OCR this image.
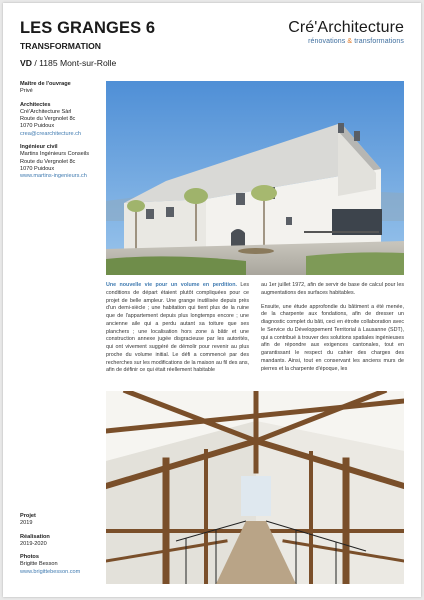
LES GRANGES 6
TRANSFORMATION
VD / 1185 Mont-sur-Rolle
Cré'Architecture
rénovations & transformations
Maître de l'ouvrage
Privé
Architectes
Cré'Architecture Sàrl
Route du Vergnolet 8c
1070 Puidoux
crea@crearchitecture.ch
Ingénieur civil
Martins Ingénieurs Conseils
Route du Vergnolet 8c
1070 Puidoux
www.martins-ingenieurs.ch
Projet
2019
Réalisation
2019-2020
Photos
Brigitte Besson
www.brigittebesson.com

Une nouvelle vie pour un volume en perdition. Les conditions de départ étaient plutôt compliquées pour ce projet de belle ampleur. Une grange inutilisée depuis près d'un demi-siècle ; une habitation qui tient plus de la ruine que de l'appartement depuis plus longtemps encore ; une ancienne aile qui a perdu autant sa toiture que ses planchers ; une localisation hors zone à bâtir et une construction annexe jugée disgracieuse par les autorités, qui ont vivement suggéré de démolir pour revenir au plus proche du volume initial. Le défi a commencé par des recherches sur les modifications de la maison au fil des ans, afin de définir ce qui était réellement habitable

au 1er juillet 1972, afin de servir de base de calcul pour les augmentations des surfaces habitables.

Ensuite, une étude approfondie du bâtiment a été menée, de la charpente aux fondations, afin de dresser un diagnostic complet du bâti, ceci en étroite collaboration avec le Service du Développement Territorial à Lausanne (SDT), qui a contribué à trouver des solutions spatiales ingénieuses afin de répondre aux exigences cantonales, tout en garantissant le respect du cahier des charges des mandants. Ainsi, tout en conservant les anciens murs de pierres et la charpente d'époque, les
